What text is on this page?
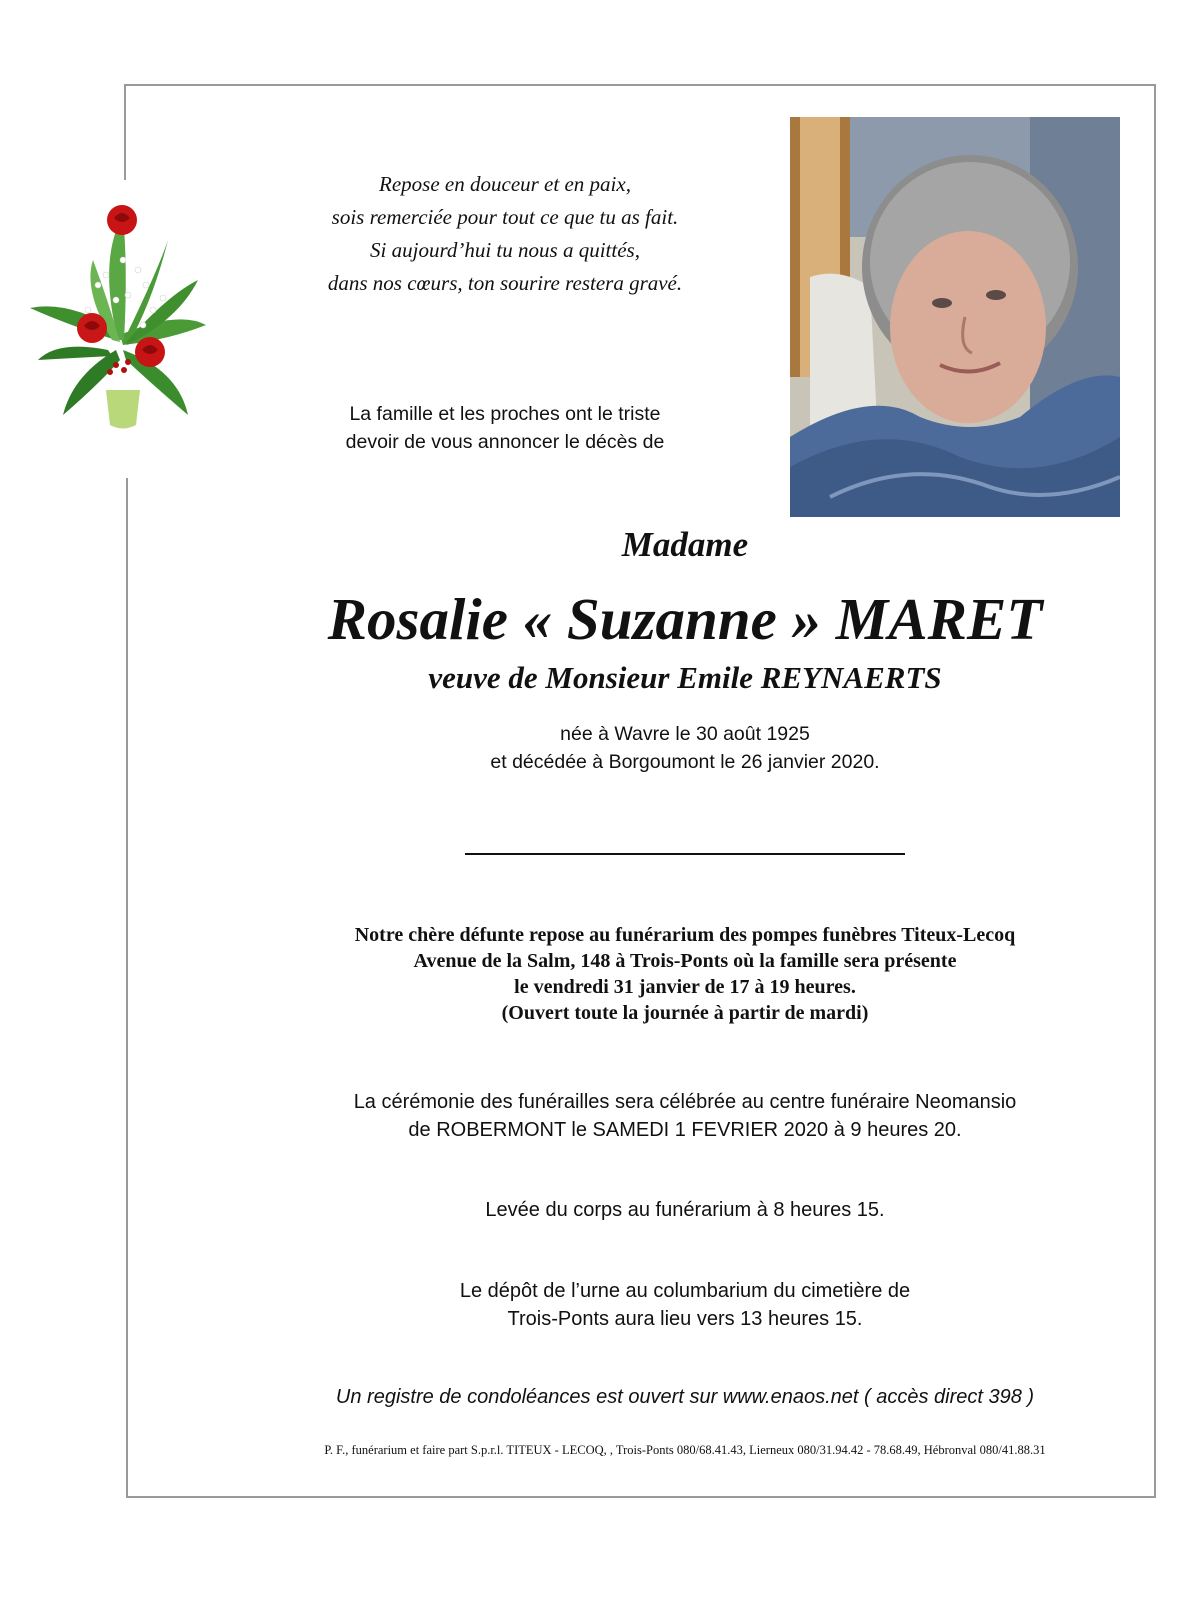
Repose en douceur et en paix,
sois remerciée pour tout ce que tu as fait.
Si aujourd’hui tu nous a quittés,
dans nos cœurs, ton sourire restera gravé.
La famille et les proches ont le triste
devoir de vous annoncer le décès de
Madame
Rosalie « Suzanne » MARET
veuve de Monsieur Emile REYNAERTS
née à Wavre le 30 août 1925
et décédée à Borgoumont le 26 janvier 2020.
Notre chère défunte repose au funérarium des pompes funèbres Titeux-Lecoq
Avenue de la Salm, 148 à Trois-Ponts où la famille sera présente
le vendredi 31 janvier de 17 à 19 heures.
(Ouvert toute la journée à partir de mardi)
La cérémonie des funérailles sera célébrée au centre funéraire Neomansio
de ROBERMONT le SAMEDI 1 FEVRIER 2020 à 9 heures 20.
Levée du corps au funérarium à 8 heures 15.
Le dépôt de l’urne au columbarium du cimetière de
Trois-Ponts aura lieu vers 13 heures 15.
Un registre de condoléances est ouvert sur www.enaos.net ( accès direct 398 )
P. F., funérarium et faire part S.p.r.l. TITEUX - LECOQ, , Trois-Ponts 080/68.41.43, Lierneux 080/31.94.42 - 78.68.49, Hébronval 080/41.88.31
